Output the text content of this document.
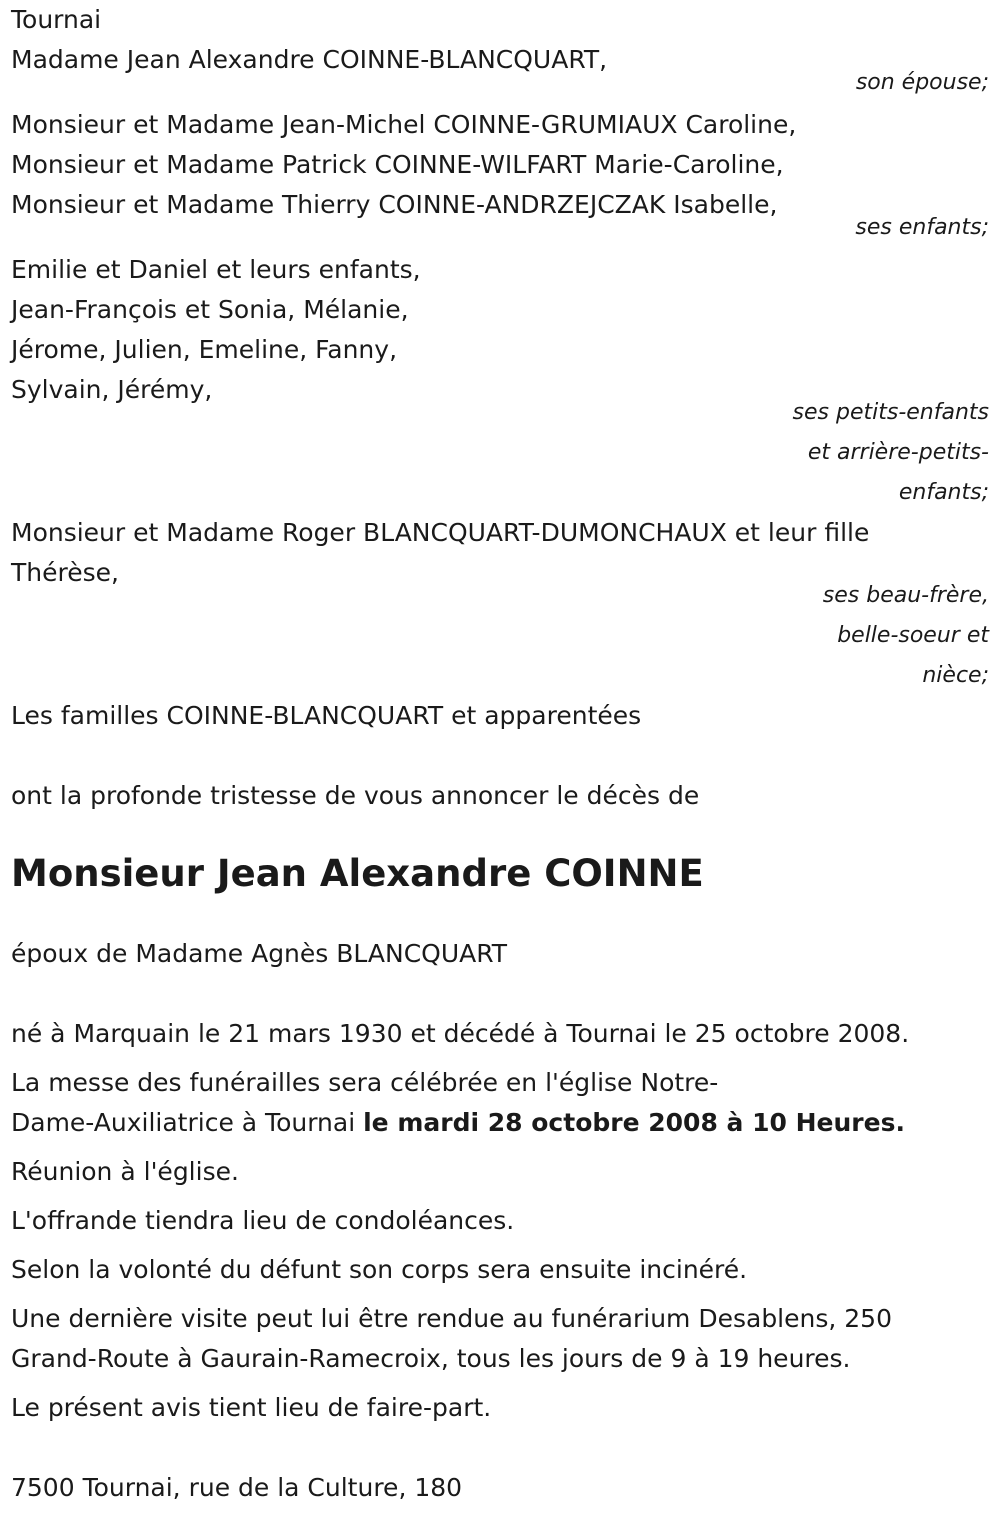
Tournai
Madame Jean Alexandre COINNE-BLANCQUART,
son épouse;
Monsieur et Madame Jean-Michel COINNE-GRUMIAUX Caroline,
Monsieur et Madame Patrick COINNE-WILFART Marie-Caroline,
Monsieur et Madame Thierry COINNE-ANDRZEJCZAK Isabelle,
ses enfants;
Emilie et Daniel et leurs enfants,
Jean-François et Sonia, Mélanie,
Jérome, Julien, Emeline, Fanny,
Sylvain, Jérémy,
ses petits-enfants
et arrière-petits-
enfants;
Monsieur et Madame Roger BLANCQUART-DUMONCHAUX et leur fille
Thérèse,
ses beau-frère,
belle-soeur et
nièce;
Les familles COINNE-BLANCQUART et apparentées
ont la profonde tristesse de vous annoncer le décès de
Monsieur Jean Alexandre COINNE
époux de Madame Agnès BLANCQUART
né à Marquain le 21 mars 1930 et décédé à Tournai le 25 octobre 2008.
La messe des funérailles sera célébrée en l'église Notre-
Dame-Auxiliatrice à Tournai le mardi 28 octobre 2008 à 10 Heures.
Réunion à l'église.
L'offrande tiendra lieu de condoléances.
Selon la volonté du défunt son corps sera ensuite incinéré.
Une dernière visite peut lui être rendue au funérarium Desablens, 250
Grand-Route à Gaurain-Ramecroix, tous les jours de 9 à 19 heures.
Le présent avis tient lieu de faire-part.
7500 Tournai, rue de la Culture, 180
